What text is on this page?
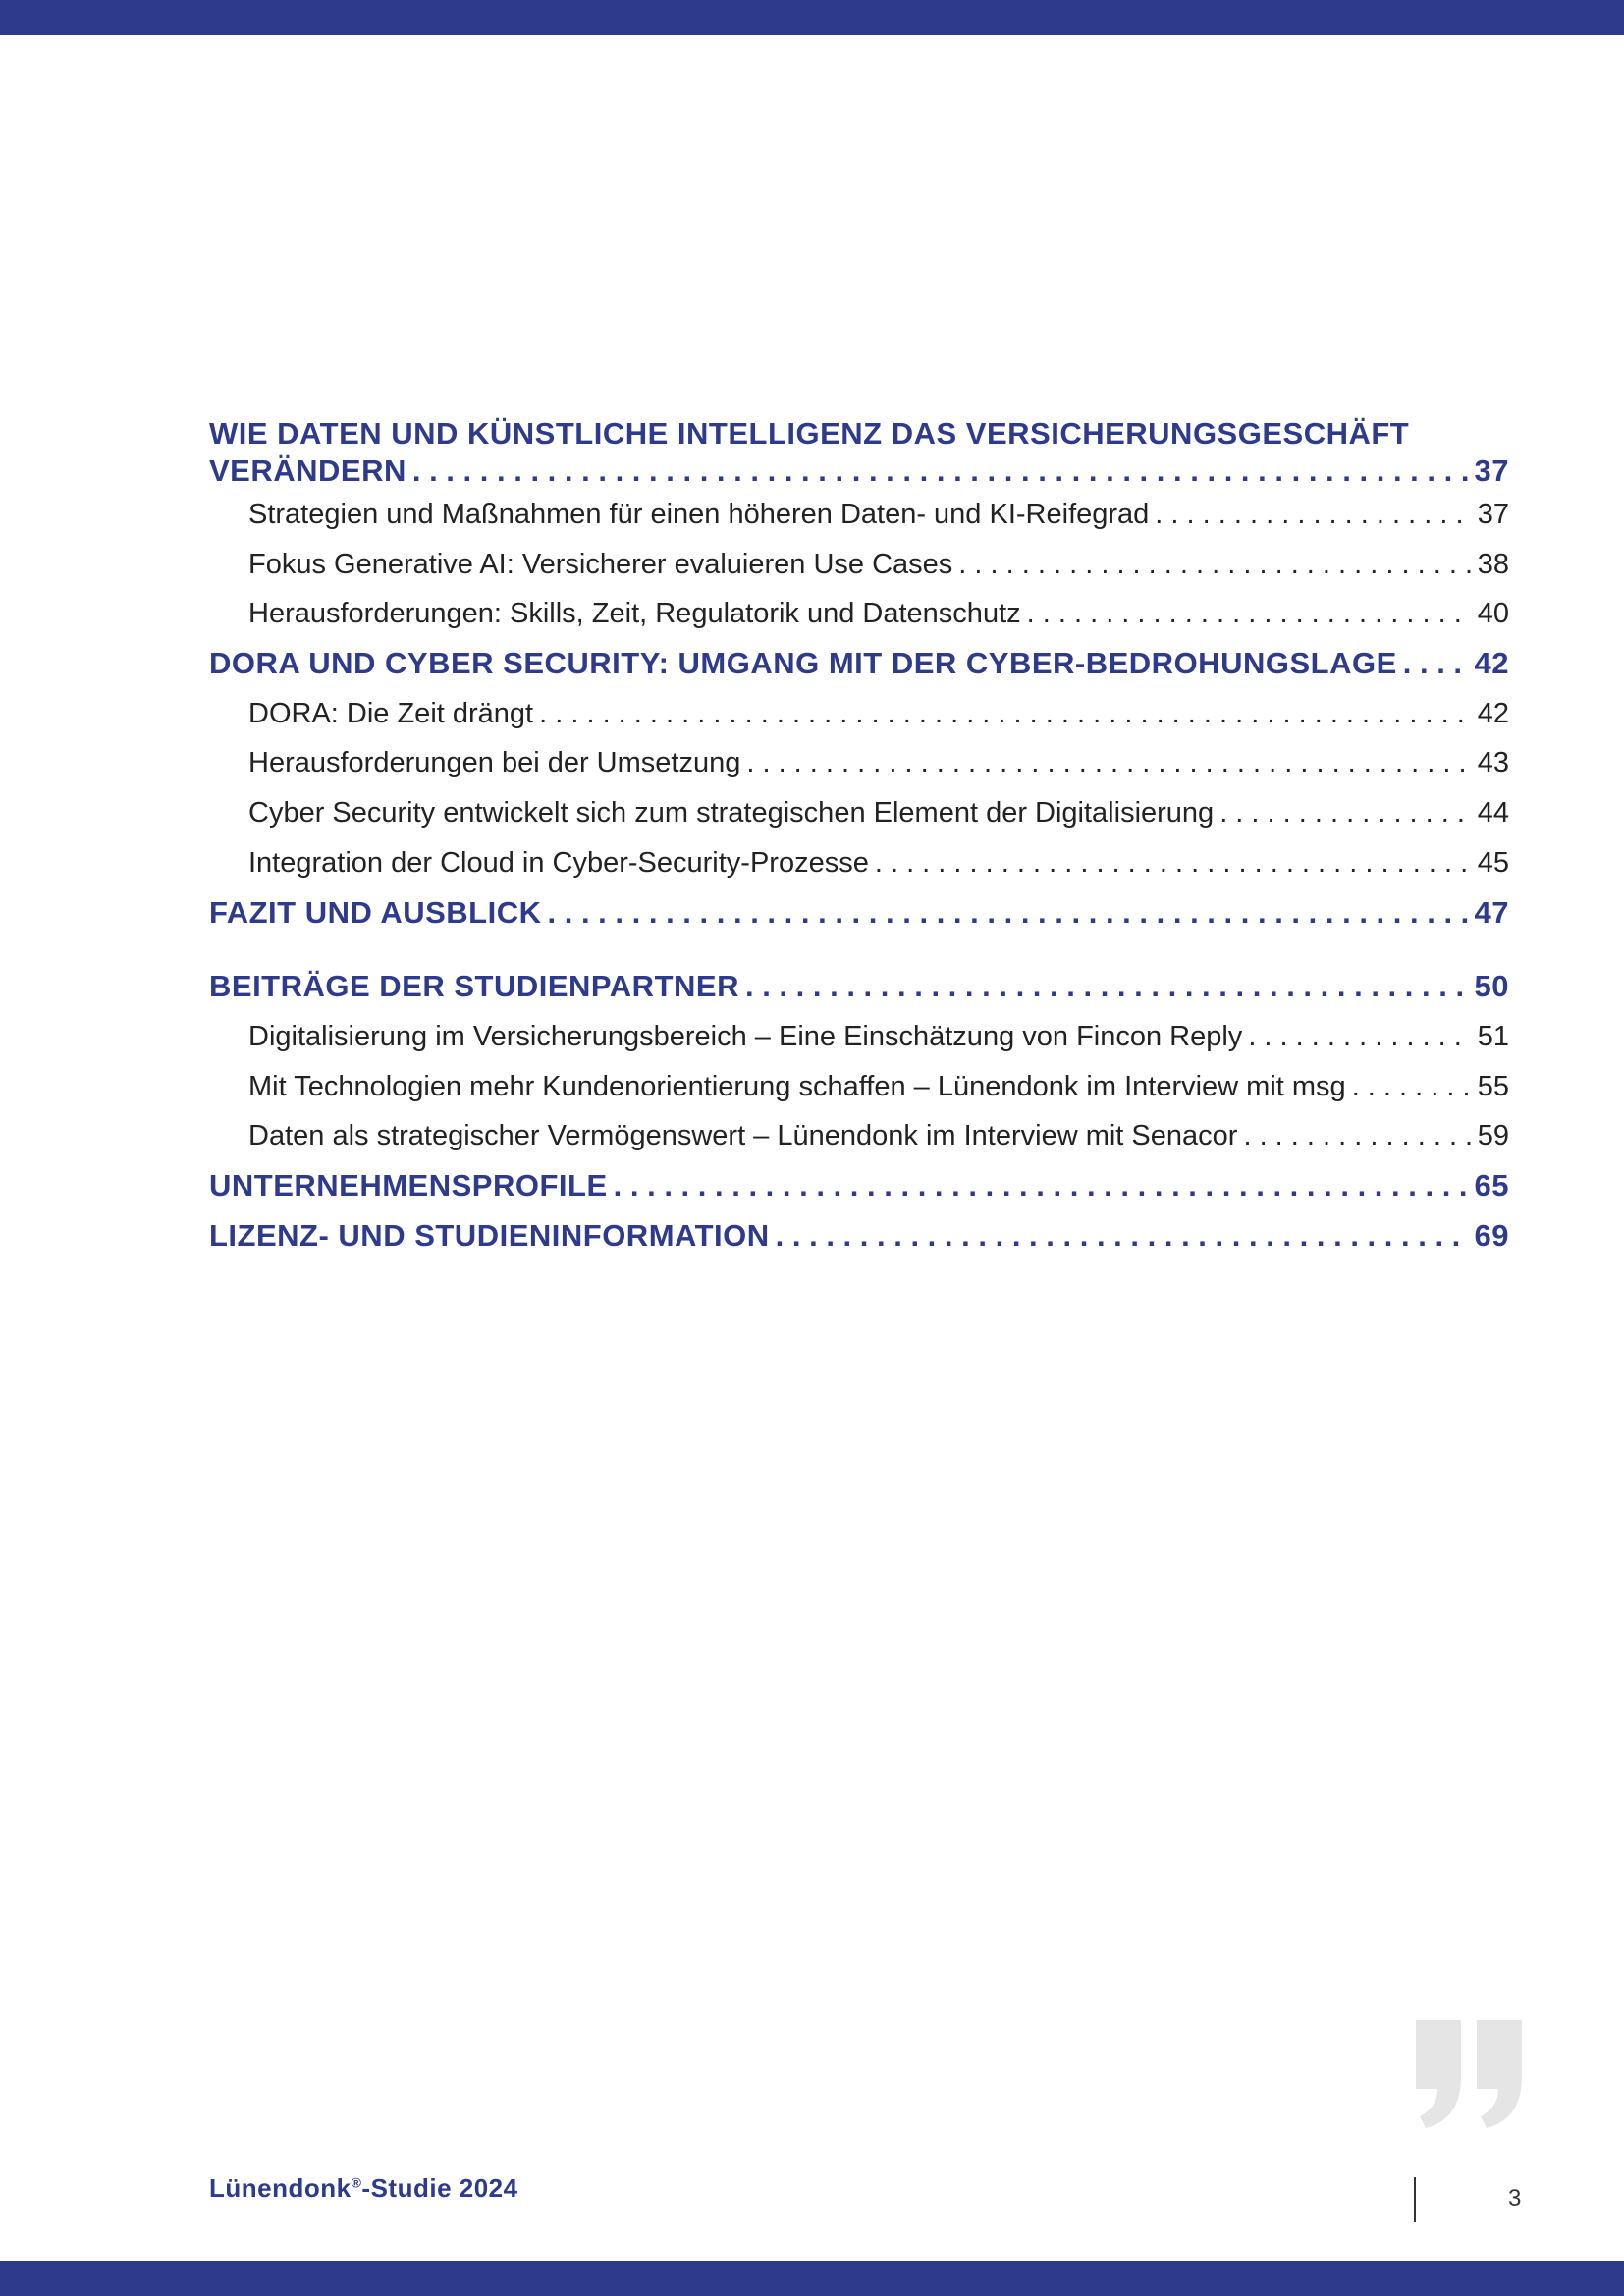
WIE DATEN UND KÜNSTLICHE INTELLIGENZ DAS VERSICHERUNGSGESCHÄFT
VERÄNDERN . . .	37
Strategien und Maßnahmen für einen höheren Daten- und KI-Reifegrad . . .	37
Fokus Generative AI: Versicherer evaluieren Use Cases . . .	38
Herausforderungen: Skills, Zeit, Regulatorik und Datenschutz . . .	40
DORA UND CYBER SECURITY: UMGANG MIT DER CYBER-BEDROHUNGSLAGE . . .	42
DORA: Die Zeit drängt . . .	42
Herausforderungen bei der Umsetzung . . .	43
Cyber Security entwickelt sich zum strategischen Element der Digitalisierung . . .	44
Integration der Cloud in Cyber-Security-Prozesse . . .	45
FAZIT UND AUSBLICK . . .	47
BEITRÄGE DER STUDIENPARTNER . . .	50
Digitalisierung im Versicherungsbereich – Eine Einschätzung von Fincon Reply . . .	51
Mit Technologien mehr Kundenorientierung schaffen – Lünendonk im Interview mit msg . . .	55
Daten als strategischer Vermögenswert – Lünendonk im Interview mit Senacor . . .	59
UNTERNEHMENSPROFILE . . .	65
LIZENZ- UND STUDIENINFORMATION . . .	69
Lünendonk®-Studie 2024	3
